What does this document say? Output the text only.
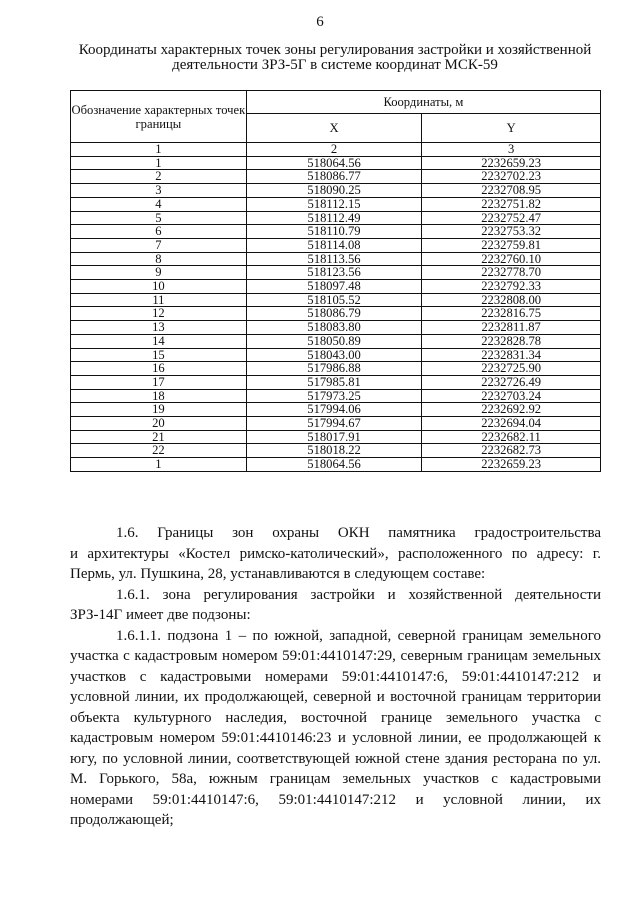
6
Координаты характерных точек зоны регулирования застройки и хозяйственной
деятельности ЗРЗ-5Г в системе координат МСК-59
Обозначение характерных точек границы	Координаты, м	
	X	Y
1	2	3
1	518064.56	2232659.23
2	518086.77	2232702.23
3	518090.25	2232708.95
4	518112.15	2232751.82
5	518112.49	2232752.47
6	518110.79	2232753.32
7	518114.08	2232759.81
8	518113.56	2232760.10
9	518123.56	2232778.70
10	518097.48	2232792.33
11	518105.52	2232808.00
12	518086.79	2232816.75
13	518083.80	2232811.87
14	518050.89	2232828.78
15	518043.00	2232831.34
16	517986.88	2232725.90
17	517985.81	2232726.49
18	517973.25	2232703.24
19	517994.06	2232692.92
20	517994.67	2232694.04
21	518017.91	2232682.11
22	518018.22	2232682.73
1	518064.56	2232659.23

1.6. Границы зон охраны ОКН памятника градостроительства

и архитектуры «Костел римско-католический», расположенного по адресу: г. Пермь, ул. Пушкина, 28, устанавливаются в следующем составе:

1.6.1. зона регулирования застройки и хозяйственной деятельности ЗРЗ-14Г имеет две подзоны:

1.6.1.1. подзона 1 – по южной, западной, северной границам земельного

участка с кадастровым номером 59:01:4410147:29, северным границам земельных участков с кадастровыми номерами 59:01:4410147:6, 59:01:4410147:212 и условной линии, их продолжающей, северной и восточной границам территории объекта культурного наследия, восточной границе земельного участка с кадастровым номером 59:01:4410146:23 и условной линии, ее продолжающей к югу, по условной линии, соответствующей южной стене здания ресторана по ул. М. Горького, 58а, южным границам земельных участков с кадастровыми номерами 59:01:4410147:6, 59:01:4410147:212 и условной линии, их продолжающей;
